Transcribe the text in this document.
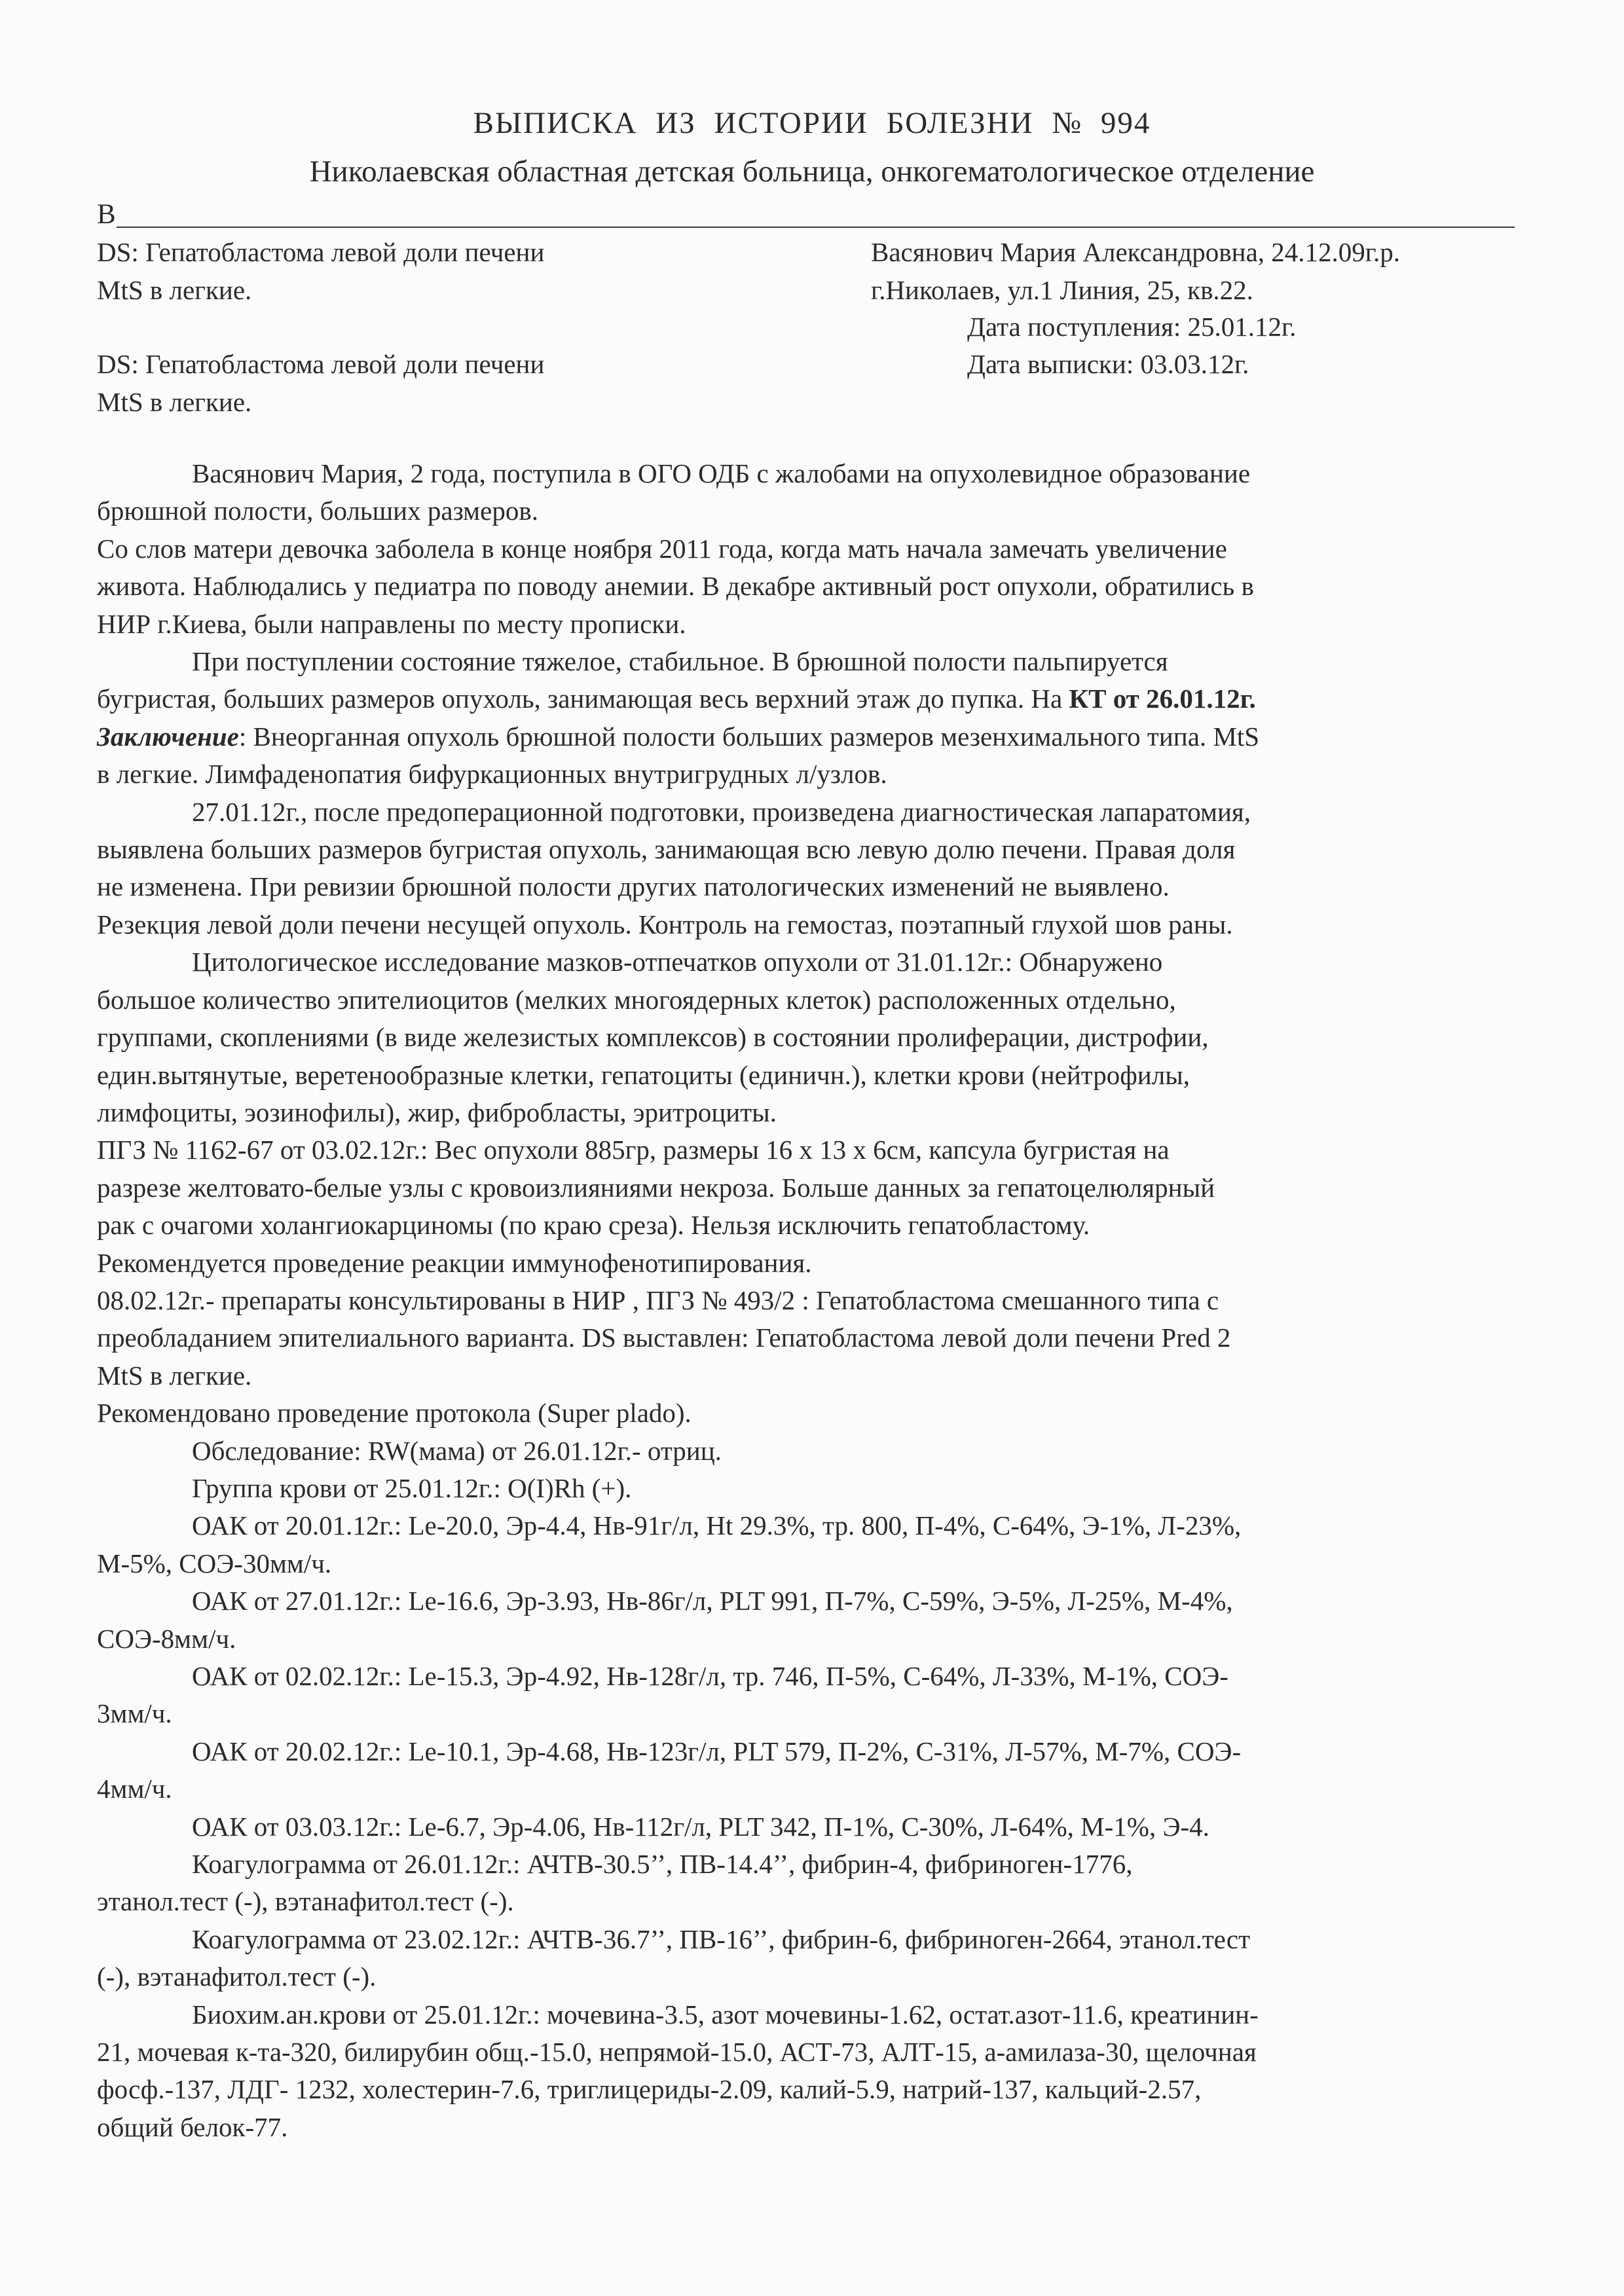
ВЫПИСКА ИЗ ИСТОРИИ БОЛЕЗНИ № 994
Николаевская областная детская больница, онкогематологическое отделение
В
DS: Гепатобластома левой доли печени
MtS в легкие.
DS: Гепатобластома левой доли печени
MtS в легкие.
Васянович Мария Александровна, 24.12.09г.р.
г.Николаев, ул.1 Линия, 25, кв.22.
Дата поступления: 25.01.12г.
Дата выписки: 03.03.12г.

Васянович Мария, 2 года, поступила в ОГО ОДБ с жалобами на опухолевидное образование

брюшной полости, больших размеров.

Со слов матери девочка заболела в конце ноября 2011 года, когда мать начала замечать увеличение

живота. Наблюдались у педиатра по поводу анемии. В декабре активный рост опухоли, обратились в

НИР г.Киева, были направлены по месту прописки.

При поступлении состояние тяжелое, стабильное. В брюшной полости пальпируется

бугристая, больших размеров опухоль, занимающая весь верхний этаж до пупка. На КТ от 26.01.12г.

Заключение: Внеорганная опухоль брюшной полости больших размеров мезенхимального типа. MtS

в легкие. Лимфаденопатия бифуркационных внутригрудных л/узлов.

27.01.12г., после предоперационной подготовки, произведена диагностическая лапаратомия,

выявлена больших размеров бугристая опухоль, занимающая всю левую долю печени. Правая доля

не изменена. При ревизии брюшной полости других патологических изменений не выявлено.

Резекция левой доли печени несущей опухоль. Контроль на гемостаз, поэтапный глухой шов раны.

Цитологическое исследование мазков-отпечатков опухоли от 31.01.12г.: Обнаружено

большое количество эпителиоцитов (мелких многоядерных клеток) расположенных отдельно,

группами, скоплениями (в виде железистых комплексов) в состоянии пролиферации, дистрофии,

един.вытянутые, веретенообразные клетки, гепатоциты (единичн.), клетки крови (нейтрофилы,

лимфоциты, эозинофилы), жир, фибробласты, эритроциты.

ПГЗ № 1162-67 от 03.02.12г.: Вес опухоли 885гр, размеры 16 х 13 х 6см, капсула бугристая на

разрезе желтовато-белые узлы с кровоизлияниями некроза. Больше данных за гепатоцелюлярный

рак с очагоми холангиокарциномы (по краю среза). Нельзя исключить гепатобластому.

Рекомендуется проведение реакции иммунофенотипирования.

08.02.12г.- препараты консультированы в НИР , ПГЗ № 493/2 : Гепатобластома смешанного типа с

преобладанием эпителиального варианта. DS выставлен: Гепатобластома левой доли печени Pred 2

MtS в легкие.

Рекомендовано проведение протокола (Super plado).

Обследование: RW(мама) от 26.01.12г.- отриц.

Группа крови от 25.01.12г.: O(I)Rh (+).

ОАК от 20.01.12г.: Le-20.0, Эр-4.4, Нв-91г/л, Ht 29.3%, тр. 800, П-4%, С-64%, Э-1%, Л-23%,

М-5%, СОЭ-30мм/ч.

ОАК от 27.01.12г.: Le-16.6, Эр-3.93, Нв-86г/л, PLT 991, П-7%, С-59%, Э-5%, Л-25%, М-4%,

СОЭ-8мм/ч.

ОАК от 02.02.12г.: Le-15.3, Эр-4.92, Нв-128г/л, тр. 746, П-5%, С-64%, Л-33%, М-1%, СОЭ-

3мм/ч.

ОАК от 20.02.12г.: Le-10.1, Эр-4.68, Нв-123г/л, PLT 579, П-2%, С-31%, Л-57%, М-7%, СОЭ-

4мм/ч.

ОАК от 03.03.12г.: Le-6.7, Эр-4.06, Нв-112г/л, PLT 342, П-1%, С-30%, Л-64%, М-1%, Э-4.

Коагулограмма от 26.01.12г.: АЧТВ-30.5’’, ПВ-14.4’’, фибрин-4, фибриноген-1776,

этанол.тест (-), вэтанафитол.тест (-).

Коагулограмма от 23.02.12г.: АЧТВ-36.7’’, ПВ-16’’, фибрин-6, фибриноген-2664, этанол.тест

(-), вэтанафитол.тест (-).

Биохим.ан.крови от 25.01.12г.: мочевина-3.5, азот мочевины-1.62, остат.азот-11.6, креатинин-

21, мочевая к-та-320, билирубин общ.-15.0, непрямой-15.0, АСТ-73, АЛТ-15, а-амилаза-30, щелочная

фосф.-137, ЛДГ- 1232, холестерин-7.6, триглицериды-2.09, калий-5.9, натрий-137, кальций-2.57,

общий белок-77.
